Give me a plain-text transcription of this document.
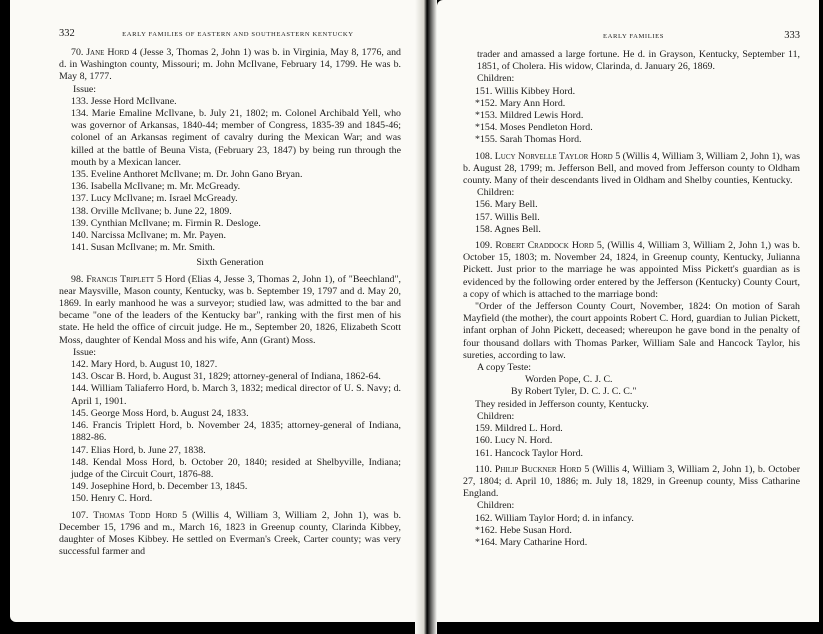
332	EARLY FAMILIES OF EASTERN AND SOUTHEASTERN KENTUCKY

70. Jane Hord 4 (Jesse 3, Thomas 2, John 1) was b. in Virginia, May 8, 1776, and d. in Washington county, Missouri; m. John McIlvane, February 14, 1799. He was b. May 8, 1777.

Issue:

133. Jesse Hord McIlvane.

134. Marie Emaline McIlvane, b. July 21, 1802; m. Colonel Archibald Yell, who was governor of Arkansas, 1840-44; member of Congress, 1835-39 and 1845-46; colonel of an Arkansas regiment of cavalry during the Mexican War; and was killed at the battle of Beuna Vista, (February 23, 1847) by being run through the mouth by a Mexican lancer.

135. Eveline Anthoret McIlvane; m. Dr. John Gano Bryan.

136. Isabella McIlvane; m. Mr. McGready.

137. Lucy McIlvane; m. Israel McGready.

138. Orville McIlvane; b. June 22, 1809.

139. Cynthian McIlvane; m. Firmin R. Desloge.

140. Narcissa McIlvane; m. Mr. Payen.

141. Susan McIlvane; m. Mr. Smith.

Sixth Generation

98. Francis Triplett 5 Hord (Elias 4, Jesse 3, Thomas 2, John 1), of "Beechland", near Maysville, Mason county, Kentucky, was b. September 19, 1797 and d. May 20, 1869. In early manhood he was a surveyor; studied law, was admitted to the bar and became "one of the leaders of the Kentucky bar", ranking with the first men of his state. He held the office of circuit judge. He m., September 20, 1826, Elizabeth Scott Moss, daughter of Kendal Moss and his wife, Ann (Grant) Moss.

Issue:

142. Mary Hord, b. August 10, 1827.

143. Oscar B. Hord, b. August 31, 1829; attorney-general of Indiana, 1862-64.

144. William Taliaferro Hord, b. March 3, 1832; medical director of U. S. Navy; d. April 1, 1901.

145. George Moss Hord, b. August 24, 1833.

146. Francis Triplett Hord, b. November 24, 1835; attorney-general of Indiana, 1882-86.

147. Elias Hord, b. June 27, 1838.

148. Kendal Moss Hord, b. October 20, 1840; resided at Shelbyville, Indiana; judge of the Circuit Court, 1876-88.

149. Josephine Hord, b. December 13, 1845.

150. Henry C. Hord.

107. Thomas Todd Hord 5 (Willis 4, William 3, William 2, John 1), was b. December 15, 1796 and m., March 16, 1823 in Greenup county, Clarinda Kibbey, daughter of Moses Kibbey. He settled on Everman's Creek, Carter county; was very successful farmer and

EARLY FAMILIES	333

trader and amassed a large fortune. He d. in Grayson, Kentucky, September 11, 1851, of Cholera. His widow, Clarinda, d. January 26, 1869.

Children:

151. Willis Kibbey Hord.

*152. Mary Ann Hord.

*153. Mildred Lewis Hord.

*154. Moses Pendleton Hord.

*155. Sarah Thomas Hord.

108. Lucy Norvelle Taylor Hord 5 (Willis 4, William 3, William 2, John 1), was b. August 28, 1799; m. Jefferson Bell, and moved from Jefferson county to Oldham county. Many of their descendants lived in Oldham and Shelby counties, Kentucky.

Children:

156. Mary Bell.

157. Willis Bell.

158. Agnes Bell.

109. Robert Craddock Hord 5, (Willis 4, William 3, William 2, John 1,) was b. October 15, 1803; m. November 24, 1824, in Greenup county, Kentucky, Julianna Pickett. Just prior to the marriage he was appointed Miss Pickett's guardian as is evidenced by the following order entered by the Jefferson (Kentucky) County Court, a copy of which is attached to the marriage bond:

"Order of the Jefferson County Court, November, 1824: On motion of Sarah Mayfield (the mother), the court appoints Robert C. Hord, guardian to Julian Pickett, infant orphan of John Pickett, deceased; whereupon he gave bond in the penalty of four thousand dollars with Thomas Parker, William Sale and Hancock Taylor, his sureties, according to law.

A copy Teste:

Worden Pope, C. J. C.

By Robert Tyler, D. C. J. C. C."

They resided in Jefferson county, Kentucky.

Children:

159. Mildred L. Hord.

160. Lucy N. Hord.

161. Hancock Taylor Hord.

110. Philip Buckner Hord 5 (Willis 4, William 3, William 2, John 1), b. October 27, 1804; d. April 10, 1886; m. July 18, 1829, in Greenup county, Miss Catharine England.

Children:

162. William Taylor Hord; d. in infancy.

*162. Hebe Susan Hord.

*164. Mary Catharine Hord.
